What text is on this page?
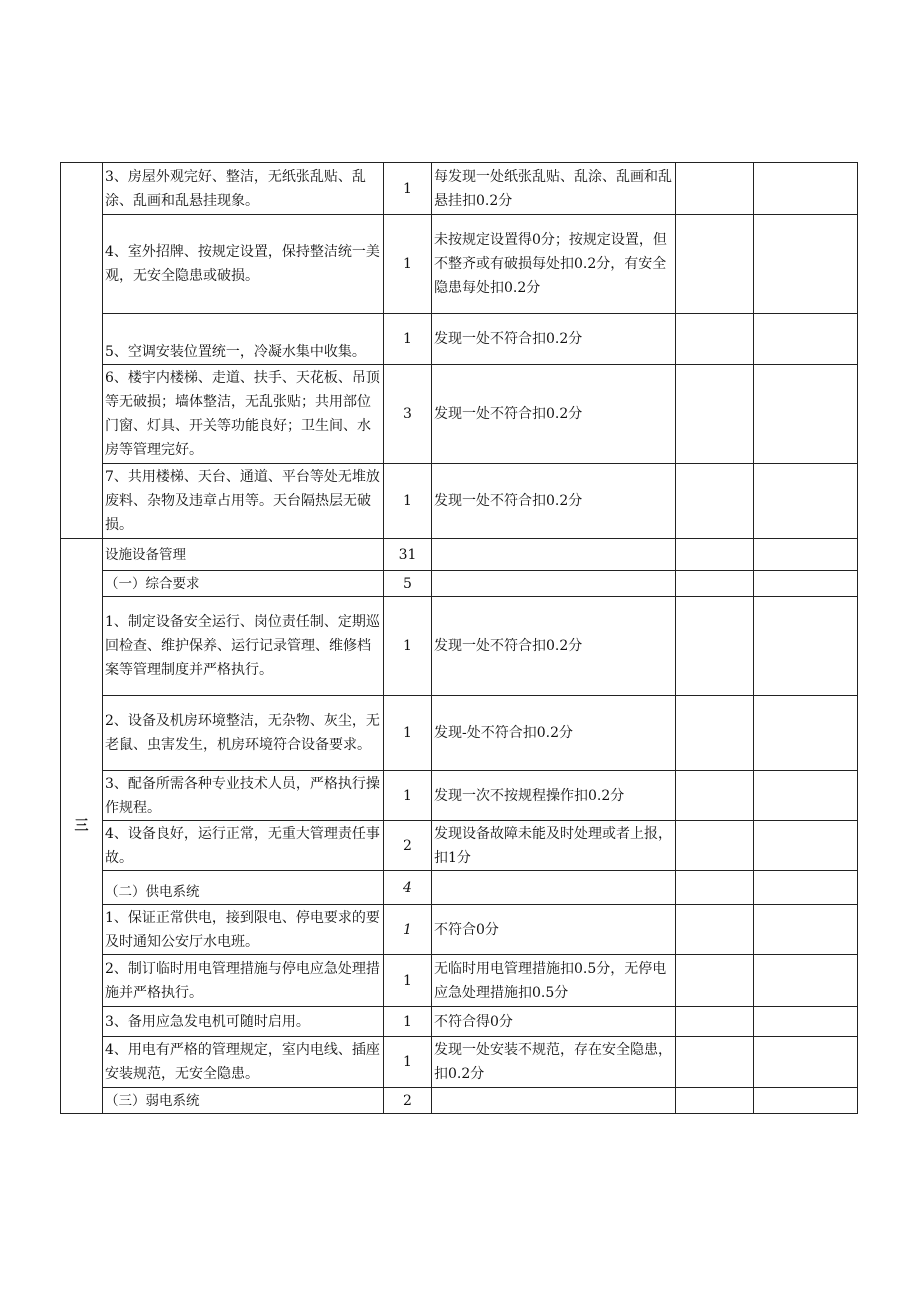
	3、房屋外观完好、整洁，无纸张乱贴、乱涂、乱画和乱悬挂现象。	1	每发现一处纸张乱贴、乱涂、乱画和乱悬挂扣0.2分		
	4、室外招牌、按规定设置，保持整洁统一美观，无安全隐患或破损。	1	未按规定设置得0分；按规定设置，但不整齐或有破损每处扣0.2分，有安全隐患每处扣0.2分		
	5、空调安装位置统一，冷凝水集中收集。	1	发现一处不符合扣0.2分		
	6、楼宇内楼梯、走道、扶手、天花板、吊顶等无破损；墙体整洁，无乱张贴；共用部位门窗、灯具、开关等功能良好；卫生间、水房等管理完好。	3	发现一处不符合扣0.2分		
	7、共用楼梯、天台、通道、平台等处无堆放废料、杂物及违章占用等。天台隔热层无破损。	1	发现一处不符合扣0.2分		
三	设施设备管理	31			
	（一）综合要求	5			
	1、制定设备安全运行、岗位责任制、定期巡回检查、维护保养、运行记录管理、维修档案等管理制度并严格执行。	1	发现一处不符合扣0.2分		
	2、设备及机房环境整洁，无杂物、灰尘，无老鼠、虫害发生，机房环境符合设备要求。	1	发现-处不符合扣0.2分		
	3、配备所需各种专业技术人员，严格执行操作规程。	1	发现一次不按规程操作扣0.2分		
	4、设备良好，运行正常，无重大管理责任事故。	2	发现设备故障未能及时处理或者上报，扣1分		
	（二）供电系统	4			
	1、保证正常供电，接到限电、停电要求的要及时通知公安厅水电班。	1	不符合0分		
	2、制订临时用电管理措施与停电应急处理措施并严格执行。	1	无临时用电管理措施扣0.5分，无停电应急处理措施扣0.5分		
	3、备用应急发电机可随时启用。	1	不符合得0分		
	4、用电有严格的管理规定，室内电线、插座安装规范，无安全隐患。	1	发现一处安装不规范，存在安全隐患，扣0.2分		
	（三）弱电系统	2			
